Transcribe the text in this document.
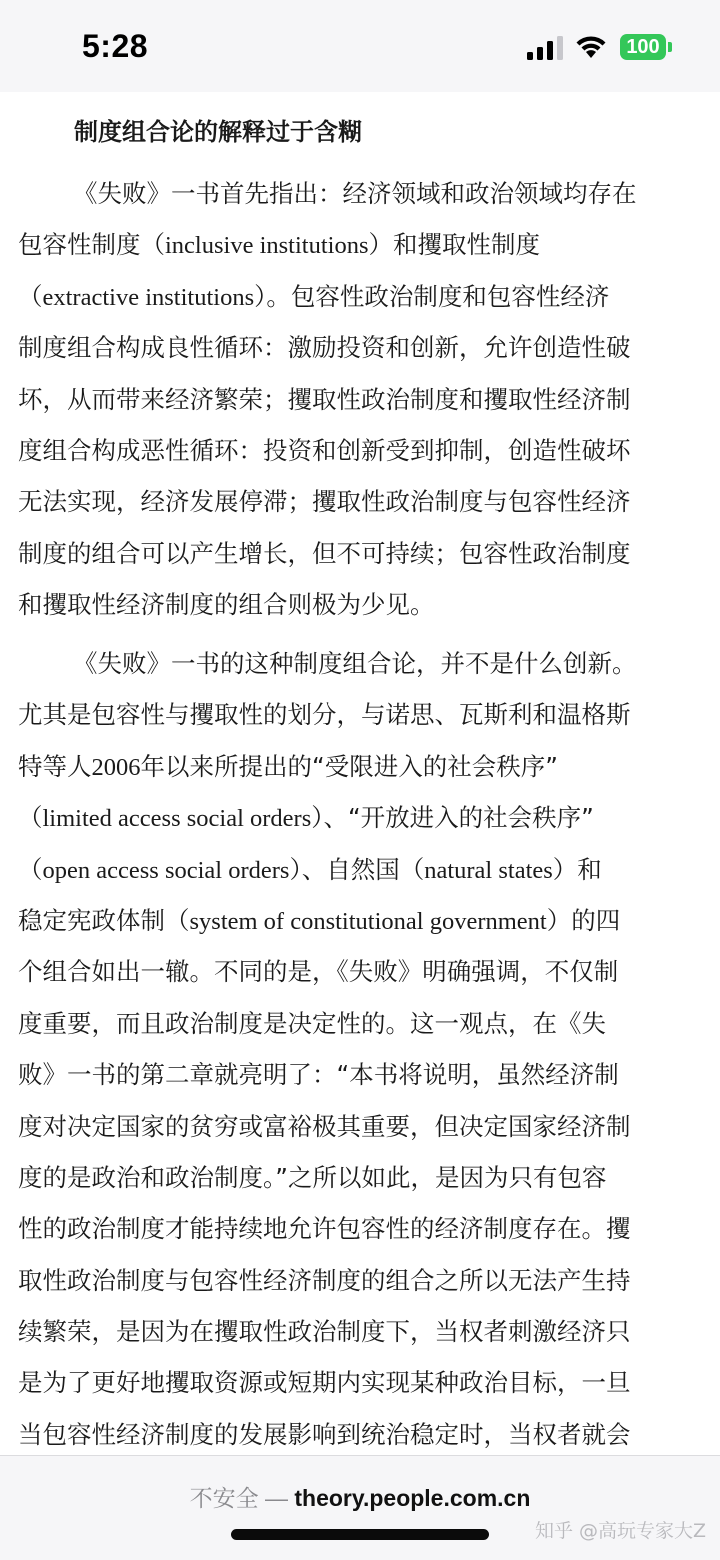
5:28	100
制度组合论的解释过于含糊

《失败》一书首先指出：经济领域和政治领域均存在
包容性制度（inclusive institutions）和攫取性制度
（extractive institutions）。包容性政治制度和包容性经济
制度组合构成良性循环：激励投资和创新，允许创造性破
坏，从而带来经济繁荣；攫取性政治制度和攫取性经济制
度组合构成恶性循环：投资和创新受到抑制，创造性破坏
无法实现，经济发展停滞；攫取性政治制度与包容性经济
制度的组合可以产生增长，但不可持续；包容性政治制度
和攫取性经济制度的组合则极为少见。

《失败》一书的这种制度组合论，并不是什么创新。
尤其是包容性与攫取性的划分，与诺思、瓦斯利和温格斯
特等人2006年以来所提出的“受限进入的社会秩序”
（limited access social orders）、“开放进入的社会秩序”
（open access social orders）、自然国（natural states）和
稳定宪政体制（system of constitutional government）的四
个组合如出一辙。不同的是，《失败》明确强调，不仅制
度重要，而且政治制度是决定性的。这一观点，在《失
败》一书的第二章就亮明了：“本书将说明，虽然经济制
度对决定国家的贫穷或富裕极其重要，但决定国家经济制
度的是政治和政治制度。”之所以如此，是因为只有包容
性的政治制度才能持续地允许包容性的经济制度存在。攫
取性政治制度与包容性经济制度的组合之所以无法产生持
续繁荣，是因为在攫取性政治制度下，当权者刺激经济只
是为了更好地攫取资源或短期内实现某种政治目标，一旦
当包容性经济制度的发展影响到统治稳定时，当权者就会

不安全 — theory.people.com.cn
知乎 @高玩专家大Z
